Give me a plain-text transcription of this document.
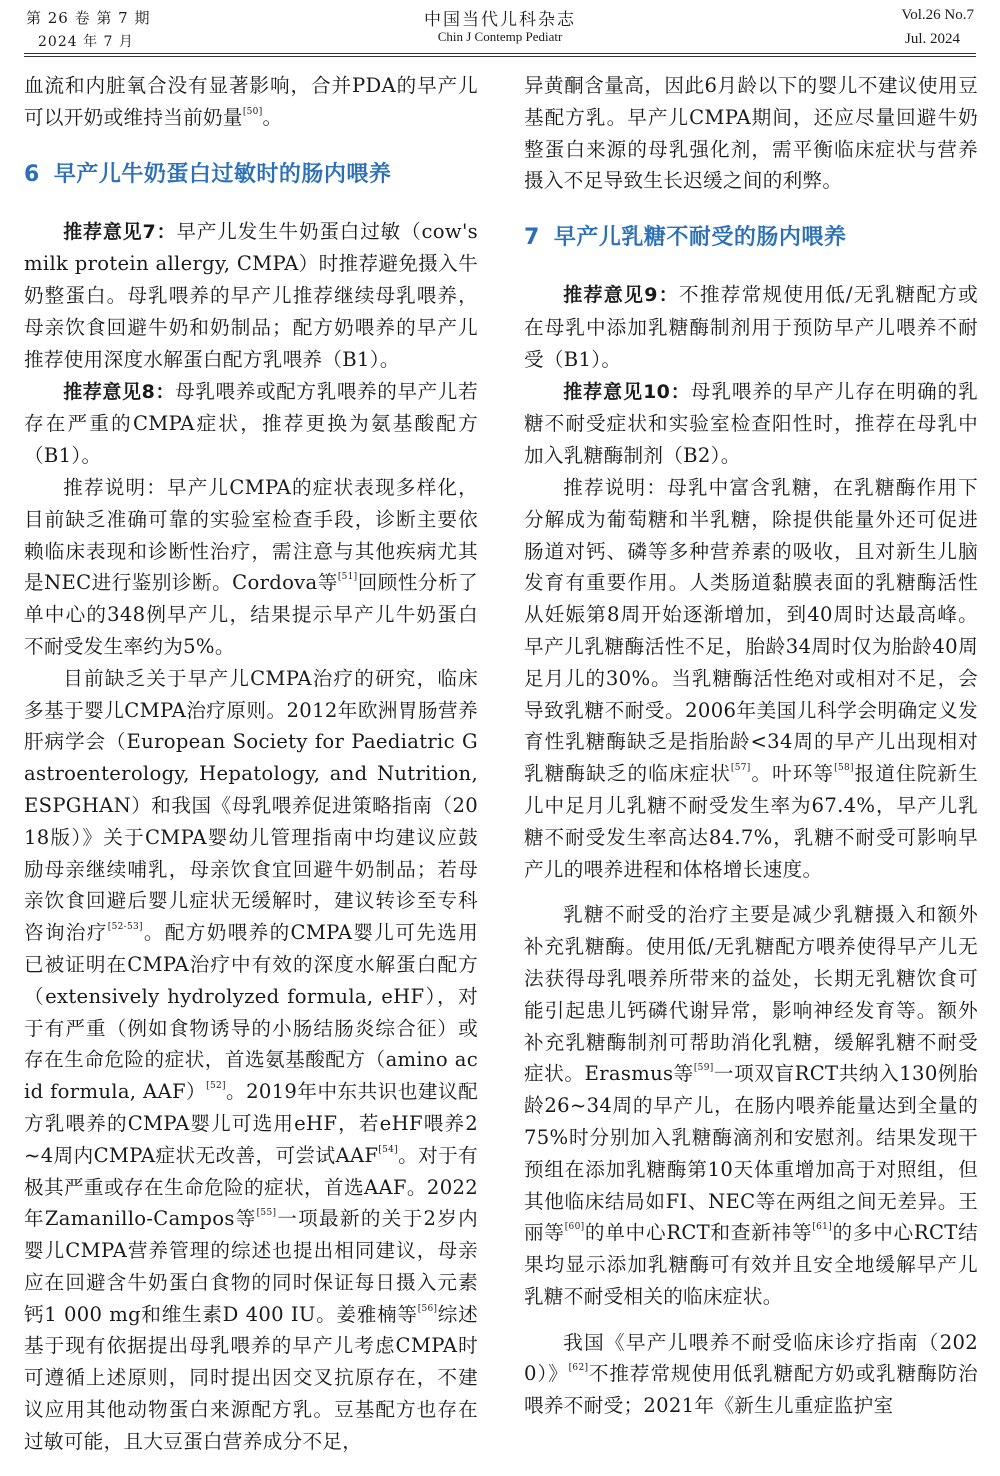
第 26 卷 第 7 期
2024 年 7 月
中国当代儿科杂志
Chin J Contemp Pediatr
Vol.26 No.7
Jul. 2024

血流和内脏氧合没有显著影响，合并PDA的早产儿可以开奶或维持当前奶量[50]。

6 早产儿牛奶蛋白过敏时的肠内喂养

推荐意见7：早产儿发生牛奶蛋白过敏（cow's milk protein allergy, CMPA）时推荐避免摄入牛奶整蛋白。母乳喂养的早产儿推荐继续母乳喂养，母亲饮食回避牛奶和奶制品；配方奶喂养的早产儿推荐使用深度水解蛋白配方乳喂养（B1）。

推荐意见8：母乳喂养或配方乳喂养的早产儿若存在严重的CMPA症状，推荐更换为氨基酸配方（B1）。

推荐说明：早产儿CMPA的症状表现多样化，目前缺乏准确可靠的实验室检查手段，诊断主要依赖临床表现和诊断性治疗，需注意与其他疾病尤其是NEC进行鉴别诊断。Cordova等[51]回顾性分析了单中心的348例早产儿，结果提示早产儿牛奶蛋白不耐受发生率约为5%。

目前缺乏关于早产儿CMPA治疗的研究，临床多基于婴儿CMPA治疗原则。2012年欧洲胃肠营养肝病学会（European Society for Paediatric Gastroenterology, Hepatology, and Nutrition, ESPGHAN）和我国《母乳喂养促进策略指南（2018版）》关于CMPA婴幼儿管理指南中均建议应鼓励母亲继续哺乳，母亲饮食宜回避牛奶制品；若母亲饮食回避后婴儿症状无缓解时，建议转诊至专科咨询治疗[52-53]。配方奶喂养的CMPA婴儿可先选用已被证明在CMPA治疗中有效的深度水解蛋白配方（extensively hydrolyzed formula, eHF），对于有严重（例如食物诱导的小肠结肠炎综合征）或存在生命危险的症状，首选氨基酸配方（amino acid formula, AAF）[52]。2019年中东共识也建议配方乳喂养的CMPA婴儿可选用eHF，若eHF喂养2~4周内CMPA症状无改善，可尝试AAF[54]。对于有极其严重或存在生命危险的症状，首选AAF。2022年Zamanillo-Campos等[55]一项最新的关于2岁内婴儿CMPA营养管理的综述也提出相同建议，母亲应在回避含牛奶蛋白食物的同时保证每日摄入元素钙1 000 mg和维生素D 400 IU。姜雅楠等[56]综述基于现有依据提出母乳喂养的早产儿考虑CMPA时可遵循上述原则，同时提出因交叉抗原存在，不建议应用其他动物蛋白来源配方乳。豆基配方也存在过敏可能，且大豆蛋白营养成分不足，

异黄酮含量高，因此6月龄以下的婴儿不建议使用豆基配方乳。早产儿CMPA期间，还应尽量回避牛奶整蛋白来源的母乳强化剂，需平衡临床症状与营养摄入不足导致生长迟缓之间的利弊。

7 早产儿乳糖不耐受的肠内喂养

推荐意见9：不推荐常规使用低/无乳糖配方或在母乳中添加乳糖酶制剂用于预防早产儿喂养不耐受（B1）。

推荐意见10：母乳喂养的早产儿存在明确的乳糖不耐受症状和实验室检查阳性时，推荐在母乳中加入乳糖酶制剂（B2）。

推荐说明：母乳中富含乳糖，在乳糖酶作用下分解成为葡萄糖和半乳糖，除提供能量外还可促进肠道对钙、磷等多种营养素的吸收，且对新生儿脑发育有重要作用。人类肠道黏膜表面的乳糖酶活性从妊娠第8周开始逐渐增加，到40周时达最高峰。早产儿乳糖酶活性不足，胎龄34周时仅为胎龄40周足月儿的30%。当乳糖酶活性绝对或相对不足，会导致乳糖不耐受。2006年美国儿科学会明确定义发育性乳糖酶缺乏是指胎龄<34周的早产儿出现相对乳糖酶缺乏的临床症状[57]。叶环等[58]报道住院新生儿中足月儿乳糖不耐受发生率为67.4%，早产儿乳糖不耐受发生率高达84.7%，乳糖不耐受可影响早产儿的喂养进程和体格增长速度。

乳糖不耐受的治疗主要是减少乳糖摄入和额外补充乳糖酶。使用低/无乳糖配方喂养使得早产儿无法获得母乳喂养所带来的益处，长期无乳糖饮食可能引起患儿钙磷代谢异常，影响神经发育等。额外补充乳糖酶制剂可帮助消化乳糖，缓解乳糖不耐受症状。Erasmus等[59]一项双盲RCT共纳入130例胎龄26~34周的早产儿，在肠内喂养能量达到全量的75%时分别加入乳糖酶滴剂和安慰剂。结果发现干预组在添加乳糖酶第10天体重增加高于对照组，但其他临床结局如FI、NEC等在两组之间无差异。王丽等[60]的单中心RCT和查新祎等[61]的多中心RCT结果均显示添加乳糖酶可有效并且安全地缓解早产儿乳糖不耐受相关的临床症状。

我国《早产儿喂养不耐受临床诊疗指南（2020）》[62]不推荐常规使用低乳糖配方奶或乳糖酶防治喂养不耐受；2021年《新生儿重症监护室
